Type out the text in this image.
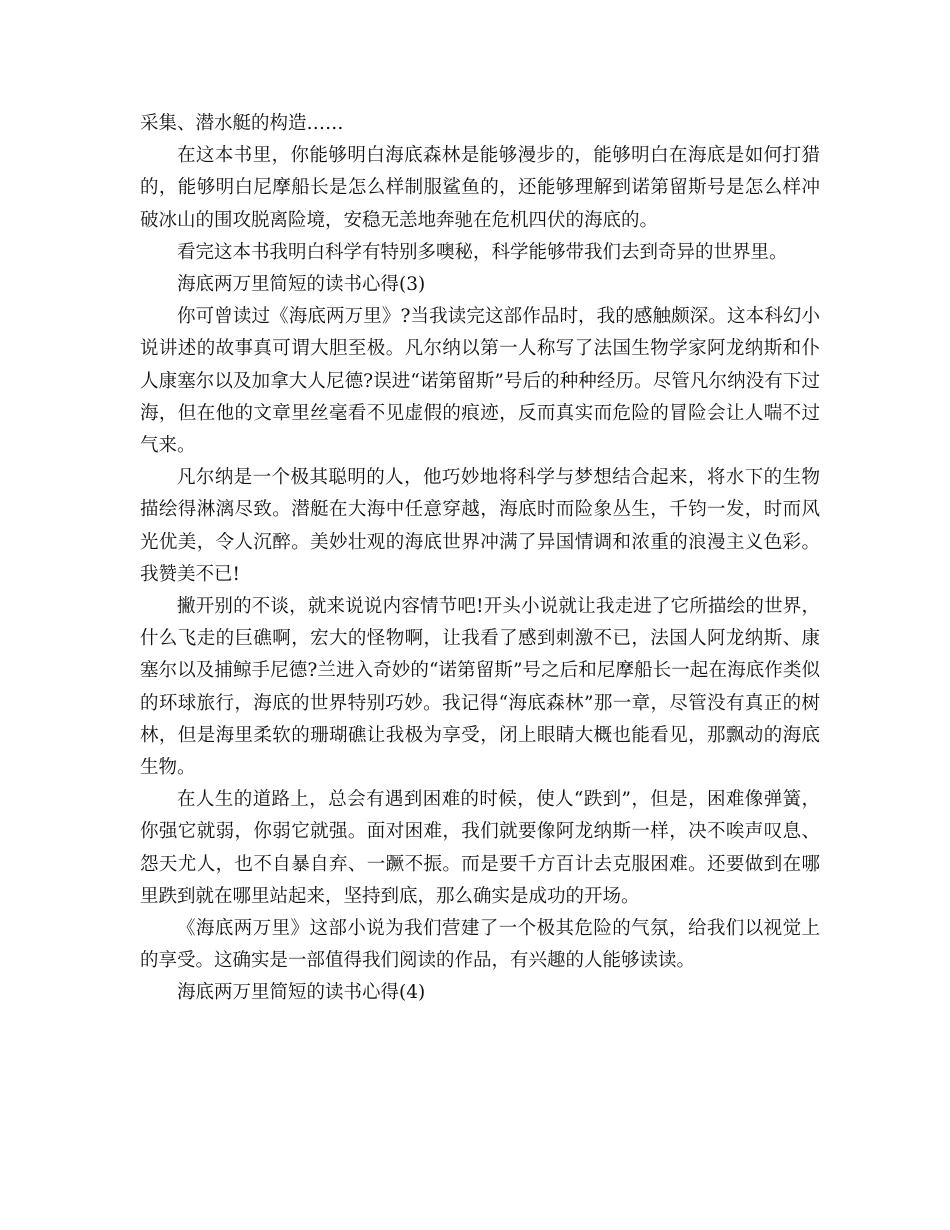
采集、潜水艇的构造……

在这本书里，你能够明白海底森林是能够漫步的，能够明白在海底是如何打猎的，能够明白尼摩船长是怎么样制服鲨鱼的，还能够理解到诺第留斯号是怎么样冲破冰山的围攻脱离险境，安稳无恙地奔驰在危机四伏的海底的。

看完这本书我明白科学有特别多噢秘，科学能够带我们去到奇异的世界里。

海底两万里简短的读书心得(3)

你可曾读过《海底两万里》?当我读完这部作品时，我的感触颇深。这本科幻小说讲述的故事真可谓大胆至极。凡尔纳以第一人称写了法国生物学家阿龙纳斯和仆人康塞尔以及加拿大人尼德?误进“诺第留斯”号后的种种经历。尽管凡尔纳没有下过海，但在他的文章里丝毫看不见虚假的痕迹，反而真实而危险的冒险会让人喘不过气来。

凡尔纳是一个极其聪明的人，他巧妙地将科学与梦想结合起来，将水下的生物描绘得淋漓尽致。潜艇在大海中任意穿越，海底时而险象丛生，千钧一发，时而风光优美，令人沉醉。美妙壮观的海底世界冲满了异国情调和浓重的浪漫主义色彩。我赞美不已!

撇开别的不谈，就来说说内容情节吧!开头小说就让我走进了它所描绘的世界，什么飞走的巨礁啊，宏大的怪物啊，让我看了感到刺激不已，法国人阿龙纳斯、康塞尔以及捕鲸手尼德?兰进入奇妙的“诺第留斯”号之后和尼摩船长一起在海底作类似的环球旅行，海底的世界特别巧妙。我记得“海底森林”那一章，尽管没有真正的树林，但是海里柔软的珊瑚礁让我极为享受，闭上眼睛大概也能看见，那飘动的海底生物。

在人生的道路上，总会有遇到困难的时候，使人“跌到”，但是，困难像弹簧，你强它就弱，你弱它就强。面对困难，我们就要像阿龙纳斯一样，决不唉声叹息、怨天尤人，也不自暴自弃、一蹶不振。而是要千方百计去克服困难。还要做到在哪里跌到就在哪里站起来，坚持到底，那么确实是成功的开场。

《海底两万里》这部小说为我们营建了一个极其危险的气氛，给我们以视觉上的享受。这确实是一部值得我们阅读的作品，有兴趣的人能够读读。

海底两万里简短的读书心得(4)
